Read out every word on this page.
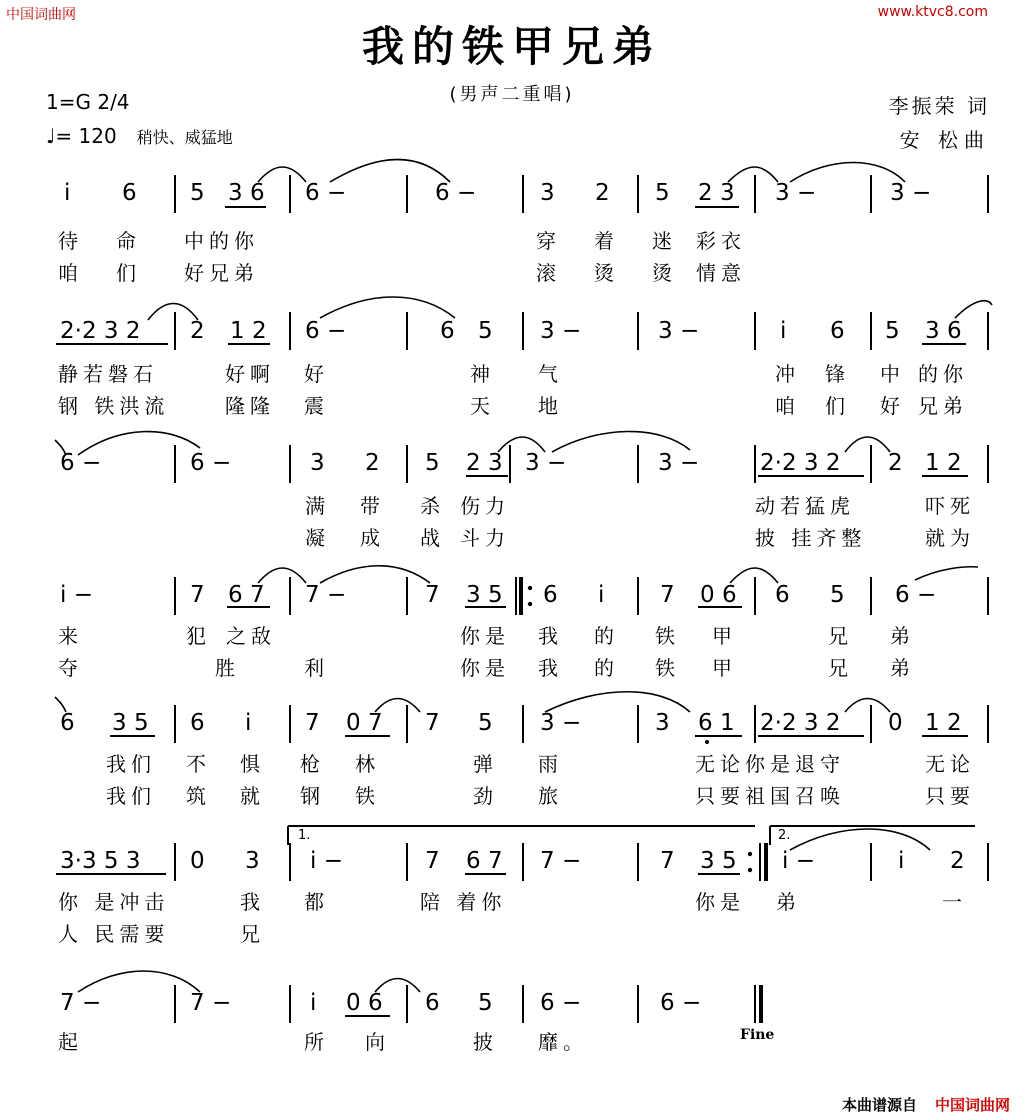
中国词曲网	www.ktvc8.com
我的铁甲兄弟
(男声二重唱)
1=G 2/4
♩= 120 稍快、威猛地
李振荣 词
安 松曲
i 6 5 3 6 6 −	6 −	3 2 5 2 3 3 −	3 −
待 命 中的你	穿 着 迷 彩衣
咱 们 好兄弟	滚 烫 烫 情意
2·2 3 2 2 1 2 6 −	6 5 3 −	3 −	i 6 5 3 6
静若磐石	好啊 好	神 气	冲 锋 中 的你
钢 铁洪流	隆隆 震	天 地	咱 们 好 兄弟
6 −	6 −	3 2 5 2 3 3 −	3 −	2·2 3 2 2 1 2
满 带 杀 伤力	动若猛虎	吓死
凝 成 战 斗力	披 挂齐整	就为
i −	7 6 7 7 −	7 3 5 6 i 7 0 6 6 5 6 −
来	犯 之敌	你是 我 的 铁 甲	兄 弟
夺	胜	利	你是 我 的 铁 甲	兄 弟
6 3 5 6 i 7 0 7 7 5 3 −	3 6 1 2·2 3 2 0 1 2
我们 不 惧 枪 林	弹 雨	无论你是退守	无论
我们 筑 就 钢 铁	劲 旅	只要祖国召唤	只要
1.	2.
3·3 5 3 0 3 i −	7 6 7 7 −	7 3 5 i −	i 2
你 是冲击	我 都	陪 着你	你是 弟	一
人 民需要	兄
7 −	7 −	i 0 6 6 5 6 −	6 −
起	所 向	披 靡。	Fine
本曲谱源自 中国词曲网
